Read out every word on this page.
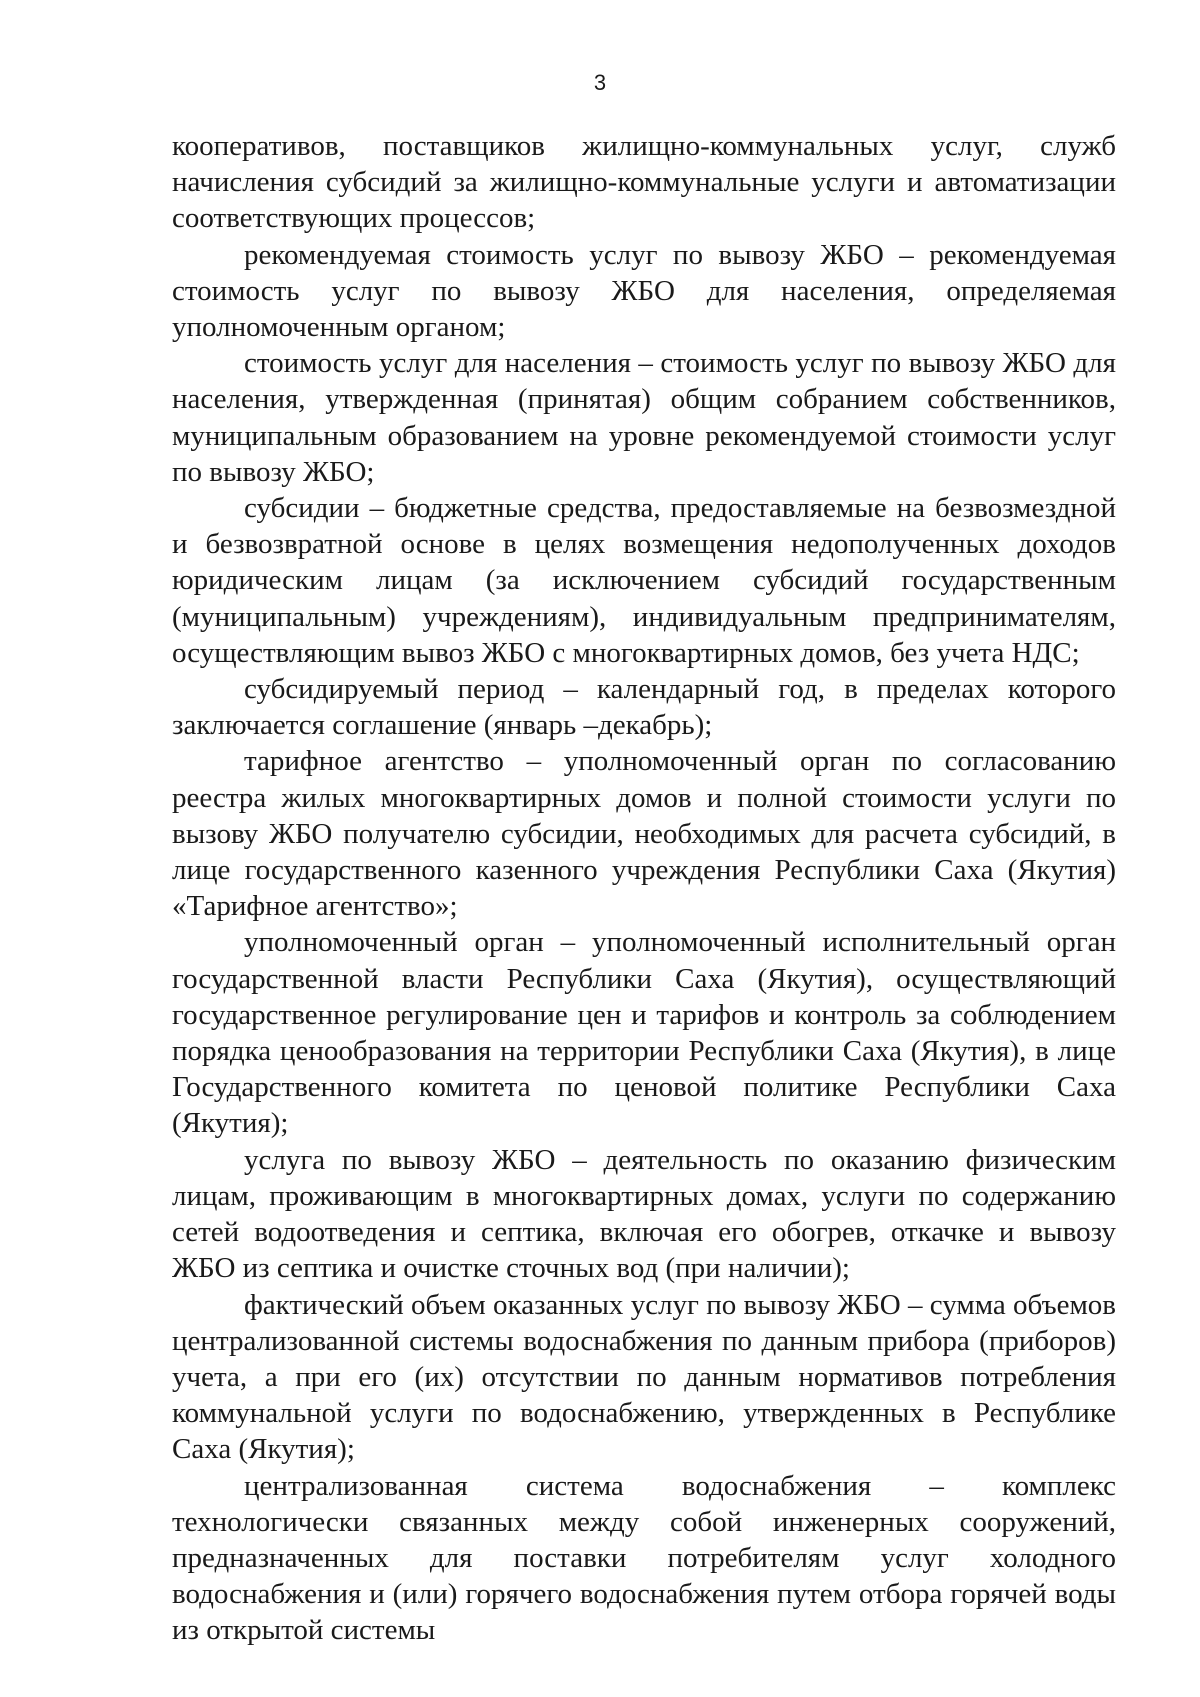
3

кооперативов, поставщиков жилищно-коммунальных услуг, служб начисления субсидий за жилищно-коммунальные услуги и автоматизации соответствующих процессов;

рекомендуемая стоимость услуг по вывозу ЖБО – рекомендуемая стоимость услуг по вывозу ЖБО для населения, определяемая уполномоченным органом;

стоимость услуг для населения – стоимость услуг по вывозу ЖБО для населения, утвержденная (принятая) общим собранием собственников, муниципальным образованием на уровне рекомендуемой стоимости услуг по вывозу ЖБО;

субсидии – бюджетные средства, предоставляемые на безвозмездной и безвозвратной основе в целях возмещения недополученных доходов юридическим лицам (за исключением субсидий государственным (муниципальным) учреждениям), индивидуальным предпринимателям, осуществляющим вывоз ЖБО с многоквартирных домов, без учета НДС;

субсидируемый период – календарный год, в пределах которого заключается соглашение (январь –декабрь);

тарифное агентство – уполномоченный орган по согласованию реестра жилых многоквартирных домов и полной стоимости услуги по вызову ЖБО получателю субсидии, необходимых для расчета субсидий, в лице государственного казенного учреждения Республики Саха (Якутия) «Тарифное агентство»;

уполномоченный орган – уполномоченный исполнительный орган государственной власти Республики Саха (Якутия), осуществляющий государственное регулирование цен и тарифов и контроль за соблюдением порядка ценообразования на территории Республики Саха (Якутия), в лице Государственного комитета по ценовой политике Республики Саха (Якутия);

услуга по вывозу ЖБО – деятельность по оказанию физическим лицам, проживающим в многоквартирных домах, услуги по содержанию сетей водоотведения и септика, включая его обогрев, откачке и вывозу ЖБО из септика и очистке сточных вод (при наличии);

фактический объем оказанных услуг по вывозу ЖБО – сумма объемов централизованной системы водоснабжения по данным прибора (приборов) учета, а при его (их) отсутствии по данным нормативов потребления коммунальной услуги по водоснабжению, утвержденных в Республике Саха (Якутия);

централизованная система водоснабжения – комплекс технологически связанных между собой инженерных сооружений, предназначенных для поставки потребителям услуг холодного водоснабжения и (или) горячего водоснабжения путем отбора горячей воды из открытой системы
